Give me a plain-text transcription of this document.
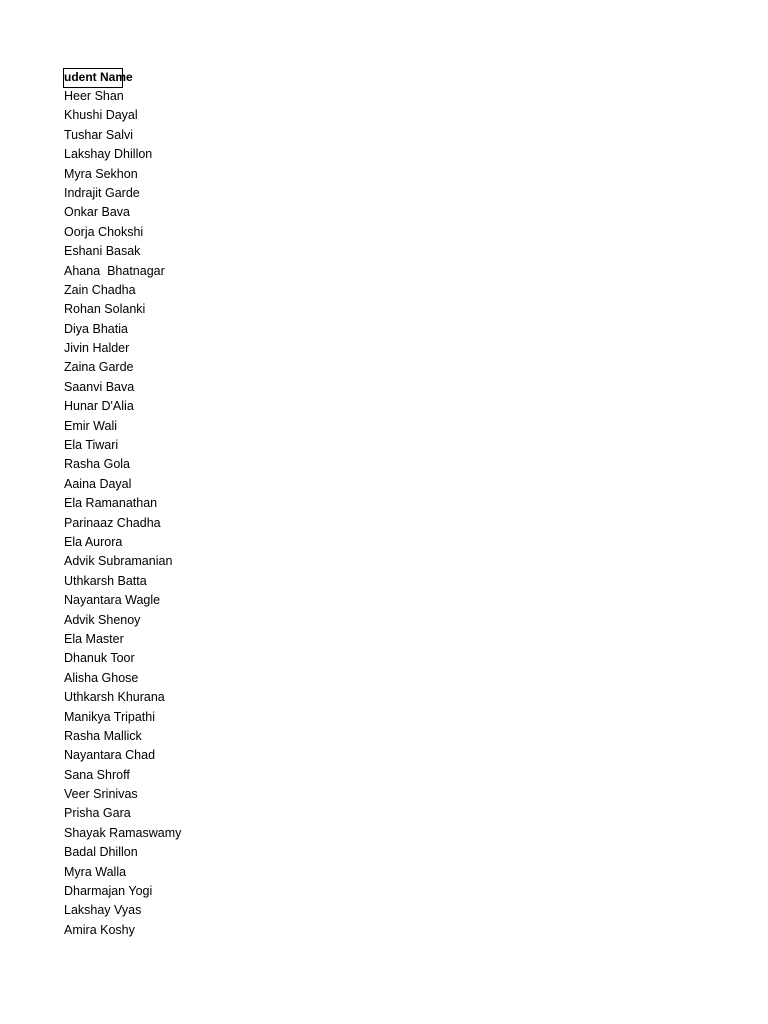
udent Name
Heer Shan
Khushi Dayal
Tushar Salvi
Lakshay Dhillon
Myra Sekhon
Indrajit Garde
Onkar Bava
Oorja Chokshi
Eshani Basak
Ahana  Bhatnagar
Zain Chadha
Rohan Solanki
Diya Bhatia
Jivin Halder
Zaina Garde
Saanvi Bava
Hunar D'Alia
Emir Wali
Ela Tiwari
Rasha Gola
Aaina Dayal
Ela Ramanathan
Parinaaz Chadha
Ela Aurora
Advik Subramanian
Uthkarsh Batta
Nayantara Wagle
Advik Shenoy
Ela Master
Dhanuk Toor
Alisha Ghose
Uthkarsh Khurana
Manikya Tripathi
Rasha Mallick
Nayantara Chad
Sana Shroff
Veer Srinivas
Prisha Gara
Shayak Ramaswamy
Badal Dhillon
Myra Walla
Dharmajan Yogi
Lakshay Vyas
Amira Koshy
